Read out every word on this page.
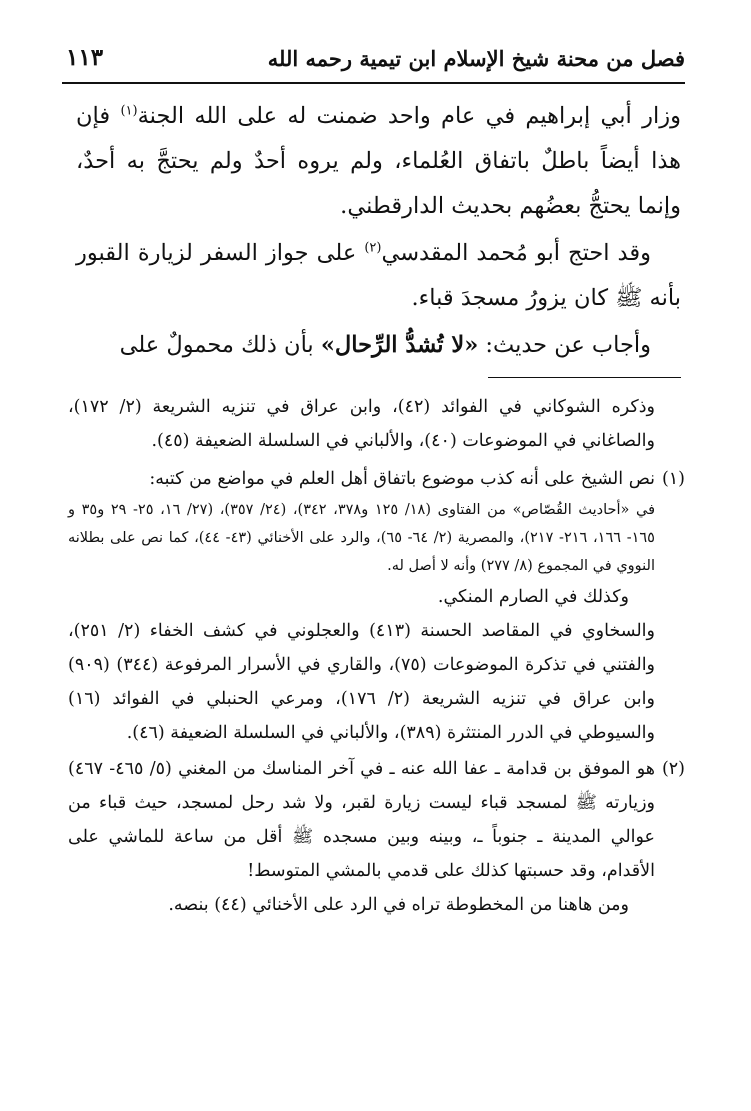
فصل من محنة شيخ الإسلام ابن تيمية رحمه الله
١١٣

وزار أبي إبراهيم في عام واحد ضمنت له على الله الجنة$^{(١)}$ فإن هذا أيضاً باطلٌ باتفاق العُلماء، ولم يروه أحدٌ ولم يحتجَّ به أحدٌ، وإنما يحتجُّ بعضُهم بحديث الدارقطني.

وقد احتج أبو مُحمد المقدسي$^{(٢)}$ على جواز السفر لزيارة القبور بأنه ﷺ كان يزورُ مسجدَ قباء.

وأجاب عن حديث: «لا تُشدُّ الرِّحال» بأن ذلك محمولٌ على

وذكره الشوكاني في الفوائد (٤٢)، وابن عراق في تنزيه الشريعة (٢/ ١٧٢)، والصاغاني في الموضوعات (٤٠)، والألباني في السلسلة الضعيفة (٤٥).

(١)

نص الشيخ على أنه كذب موضوع باتفاق أهل العلم في مواضع من كتبه:

في «أحاديث القُصّاص» من الفتاوى (١٨/ ١٢٥ و٣٧٨، ٣٤٢)، (٢٤/ ٣٥٧)، (٢٧/ ١٦، ٢٥- ٢٩ و٣٥ و ١٦٥- ١٦٦، ٢١٦- ٢١٧)، والمصرية (٢/ ٦٤- ٦٥)، والرد على الأخنائي (٤٣- ٤٤)، كما نص على بطلانه النووي في المجموع (٨/ ٢٧٧) وأنه لا أصل له.

وكذلك في الصارم المنكي.

والسخاوي في المقاصد الحسنة (٤١٣) والعجلوني في كشف الخفاء (٢/ ٢٥١)، والفتني في تذكرة الموضوعات (٧٥)، والقاري في الأسرار المرفوعة (٣٤٤) (٩٠٩) وابن عراق في تنزيه الشريعة (٢/ ١٧٦)، ومرعي الحنبلي في الفوائد (١٦) والسيوطي في الدرر المنتثرة (٣٨٩)، والألباني في السلسلة الضعيفة (٤٦).

(٢)

هو الموفق بن قدامة ـ عفا الله عنه ـ في آخر المناسك من المغني (٥/ ٤٦٥- ٤٦٧) وزيارته ﷺ لمسجد قباء ليست زيارة لقبر، ولا شد رحل لمسجد، حيث قباء من عوالي المدينة ـ جنوباً ـ، وبينه وبين مسجده ﷺ أقل من ساعة للماشي على الأقدام، وقد حسبتها كذلك على قدمي بالمشي المتوسط!

ومن هاهنا من المخطوطة تراه في الرد على الأخنائي (٤٤) بنصه.
